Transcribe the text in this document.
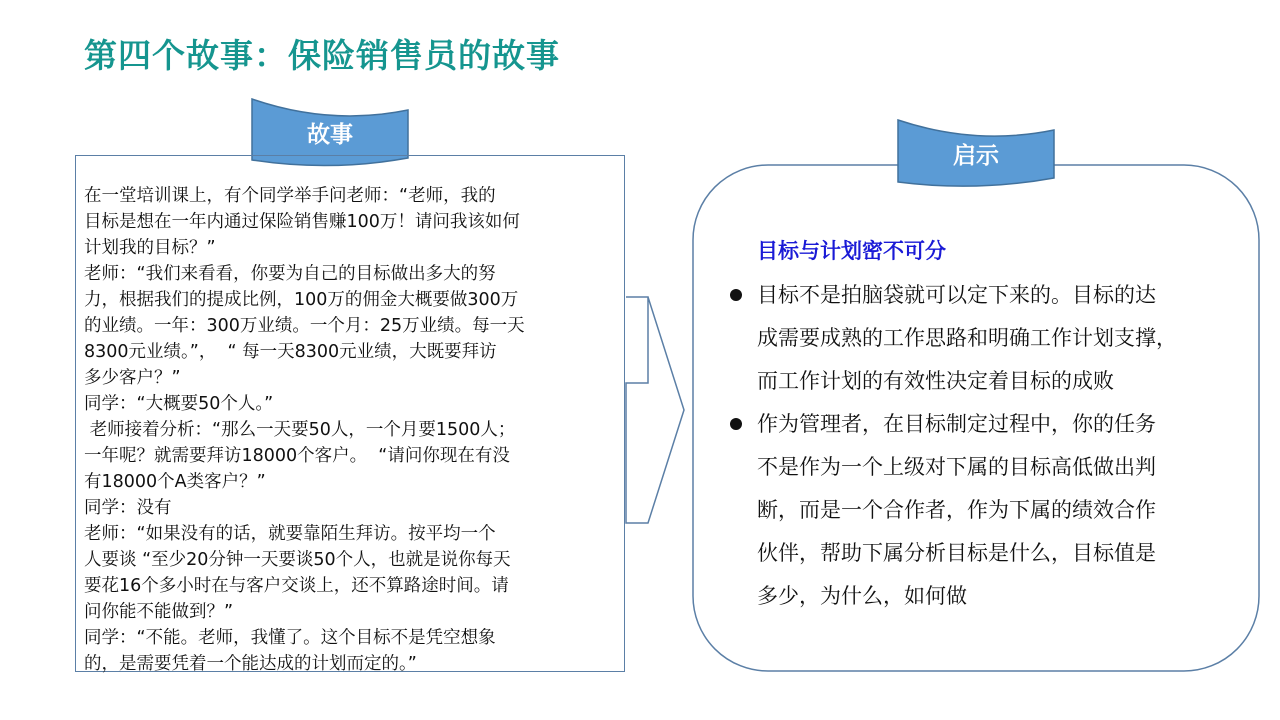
第四个故事：保险销售员的故事
故事
启示
在一堂培训课上，有个同学举手问老师：“老师，我的
目标是想在一年内通过保险销售赚100万！请问我该如何
计划我的目标？”
老师：“我们来看看，你要为自己的目标做出多大的努
力，根据我们的提成比例，100万的佣金大概要做300万
的业绩。一年：300万业绩。一个月：25万业绩。每一天
8300元业绩。”，  “ 每一天8300元业绩，大既要拜访
多少客户？”
同学：“大概要50个人。”
老师接着分析：“那么一天要50人，一个月要1500人；
一年呢？就需要拜访18000个客户。  “请问你现在有没
有18000个A类客户？”
同学：没有
老师：“如果没有的话，就要靠陌生拜访。按平均一个
人要谈 “至少20分钟一天要谈50个人，也就是说你每天
要花16个多小时在与客户交谈上，还不算路途时间。请
问你能不能做到？”
同学：“不能。老师，我懂了。这个目标不是凭空想象
的，是需要凭着一个能达成的计划而定的。”
目标与计划密不可分
目标不是拍脑袋就可以定下来的。目标的达
成需要成熟的工作思路和明确工作计划支撑，
而工作计划的有效性决定着目标的成败
作为管理者，在目标制定过程中，你的任务
不是作为一个上级对下属的目标高低做出判
断，而是一个合作者，作为下属的绩效合作
伙伴，帮助下属分析目标是什么，目标值是
多少，为什么，如何做
